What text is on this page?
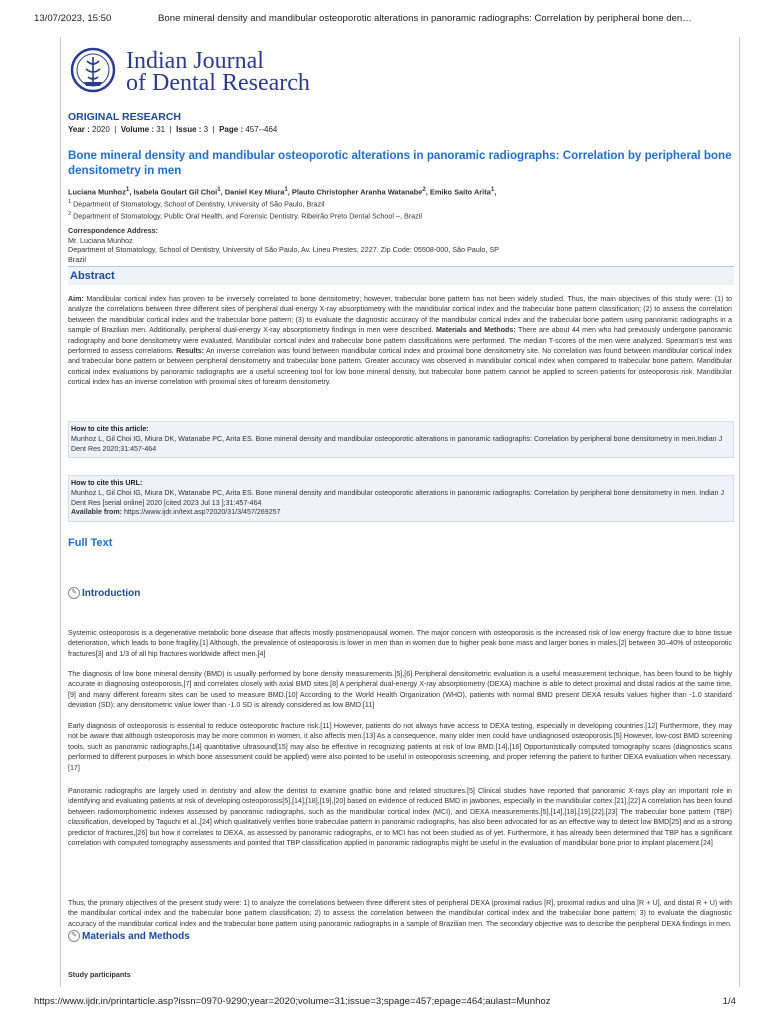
13/07/2023, 15:50	Bone mineral density and mandibular osteoporotic alterations in panoramic radiographs: Correlation by peripheral bone den…
Indian Journal
of Dental Research
ORIGINAL RESEARCH
Year : 2020  |  Volume : 31  |  Issue : 3  |  Page : 457--464
Bone mineral density and mandibular osteoporotic alterations in panoramic radiographs: Correlation by peripheral bone densitometry in men
Luciana Munhoz$^1$, Isabela Goulart Gil Choi$^1$, Daniel Key Miura$^1$, Plauto Christopher Aranha Watanabe$^2$, Emiko Saito Arita$^1$,
$^1$ Department of Stomatology, School of Dentistry, University of São Paulo, Brazil
$^2$ Department of Stomatology, Public Oral Health, and Forensic Dentistry. Ribeirão Preto Dental School –, Brazil
Correspondence Address:
Mr. Luciana Munhoz
Department of Stomatology, School of Dentistry, University of São Paulo, Av. Lineu Prestes, 2227. Zip Code: 05508-000, São Paulo, SP
Brazil
Abstract
Aim: Mandibular cortical index has proven to be inversely correlated to bone densitometry; however, trabecular bone pattern has not been widely studied. Thus, the main objectives of this study were: (1) to analyze the correlations between three different sites of peripheral dual-energy X-ray absorptiometry with the mandibular cortical index and the trabecular bone pattern classification; (2) to assess the correlation between the mandibular cortical index and the trabecular bone pattern; (3) to evaluate the diagnostic accuracy of the mandibular cortical index and the trabecular bone pattern using panoramic radiographs in a sample of Brazilian men. Additionally, peripheral dual-energy X-ray absorptiometry findings in men were described. Materials and Methods: There are about 44 men who had previously undergone panoramic radiography and bone densitometry were evaluated. Mandibular cortical index and trabecular bone pattern classifications were performed. The median T-scores of the men were analyzed. Spearman's test was performed to assess correlations. Results: An inverse correlation was found between mandibular cortical index and proximal bone densitometry site. No correlation was found between mandibular cortical index and trabecular bone pattern or between peripheral densitometry and trabecular bone pattern. Greater accuracy was observed in mandibular cortical index when compared to trabecular bone pattern. Mandibular cortical index evaluations by panoramic radiographs are a useful screening tool for low bone mineral density, but trabecular bone pattern cannot be applied to screen patients for osteoporosis risk. Mandibular cortical index has an inverse correlation with proximal sites of forearm densitometry.
How to cite this article:
Munhoz L, Gil Choi IG, Miura DK, Watanabe PC, Arita ES. Bone mineral density and mandibular osteoporotic alterations in panoramic radiographs: Correlation by peripheral bone densitometry in men.Indian J Dent Res 2020;31:457-464
How to cite this URL:
Munhoz L, Gil Choi IG, Miura DK, Watanabe PC, Arita ES. Bone mineral density and mandibular osteoporotic alterations in panoramic radiographs: Correlation by peripheral bone densitometry in men. Indian J Dent Res [serial online] 2020 [cited 2023 Jul 13 ];31:457-464
Available from: https://www.ijdr.in/text.asp?2020/31/3/457/269257
Full Text
✎ Introduction
Systemic osteoporosis is a degenerative metabolic bone disease that affects mostly postmenopausal women. The major concern with osteoporosis is the increased risk of low energy fracture due to bone tissue deterioration, which leads to bone fragility.[1] Although, the prevalence of osteoporosis is lower in men than in women due to higher peak bone mass and larger bones in males,[2] between 30–40% of osteoporotic fractures[3] and 1/3 of all hip fractures worldwide affect men.[4]
The diagnosis of low bone mineral density (BMD) is usually performed by bone density measurements.[5],[6] Peripheral densitometric evaluation is a useful measurement technique, has been found to be highly accurate in diagnosing osteoporosis,[7] and correlates closely with axial BMD sites.[8] A peripheral dual-energy X-ray absorptiometry (DEXA) machine is able to detect proximal and distal radios at the same time,[9] and many different forearm sites can be used to measure BMD.[10] According to the World Health Organization (WHO), patients with normal BMD present DEXA results values higher than -1.0 standard deviation (SD); any densitometric value lower than -1.0 SD is already considered as low BMD.[11]
Early diagnosis of osteoporosis is essential to reduce osteoporotic fracture risk.[11] However, patients do not always have access to DEXA testing, especially in developing countries.[12] Furthermore, they may not be aware that although osteoporosis may be more common in women, it also affects men.[13] As a consequence, many older men could have undiagnosed osteoporosis.[5] However, low-cost BMD screening tools, such as panoramic radiographs,[14] quantitative ultrasound[15] may also be effective in recognizing patients at risk of low BMD.[14],[16] Opportunistically computed tomography scans (diagnostics scans performed to different purposes in which bone assessment could be applied) were also pointed to be useful in osteoporosis screening, and proper referring the patient to further DEXA evaluation when necessary.[17]
Panoramic radiographs are largely used in dentistry and allow the dentist to examine gnathic bone and related structures.[5] Clinical studies have reported that panoramic X-rays play an important role in identifying and evaluating patients at risk of developing osteoporosis[5],[14],[18],[19],[20] based on evidence of reduced BMD in jawbones, especially in the mandibular cortex.[21],[22] A correlation has been found between radiomorphometric indexes assessed by panoramic radiographs, such as the mandibular cortical index (MCI), and DEXA measurements.[5],[14],[18],[19],[22],[23] The trabecular bone pattern (TBP) classification, developed by Taguchi et al.,[24] which qualitatively verifies bone trabeculae pattern in panoramic radiographs, has also been advocated for as an effective way to detect low BMD[25] and as a strong predictor of fractures,[26] but how it correlates to DEXA, as assessed by panoramic radiographs, or to MCI has not been studied as of yet. Furthermore, it has already been determined that TBP has a significant correlation with computed tomography assessments and pointed that TBP classification applied in panoramic radiographs might be useful in the evaluation of mandibular bone prior to implant placement.[24]
Thus, the primary objectives of the present study were: 1) to analyze the correlations between three different sites of peripheral DEXA (proximal radius [R], proximal radius and ulna [R + U], and distal R + U) with the mandibular cortical index and the trabecular bone pattern classification; 2) to assess the correlation between the mandibular cortical index and the trabecular bone pattern; 3) to evaluate the diagnostic accuracy of the mandibular cortical index and the trabecular bone pattern using panoramic radiographs in a sample of Brazilian men. The secondary objective was to describe the peripheral DEXA findings in men.
✎ Materials and Methods
Study participants
https://www.ijdr.in/printarticle.asp?issn=0970-9290;year=2020;volume=31;issue=3;spage=457;epage=464;aulast=Munhoz	1/4
